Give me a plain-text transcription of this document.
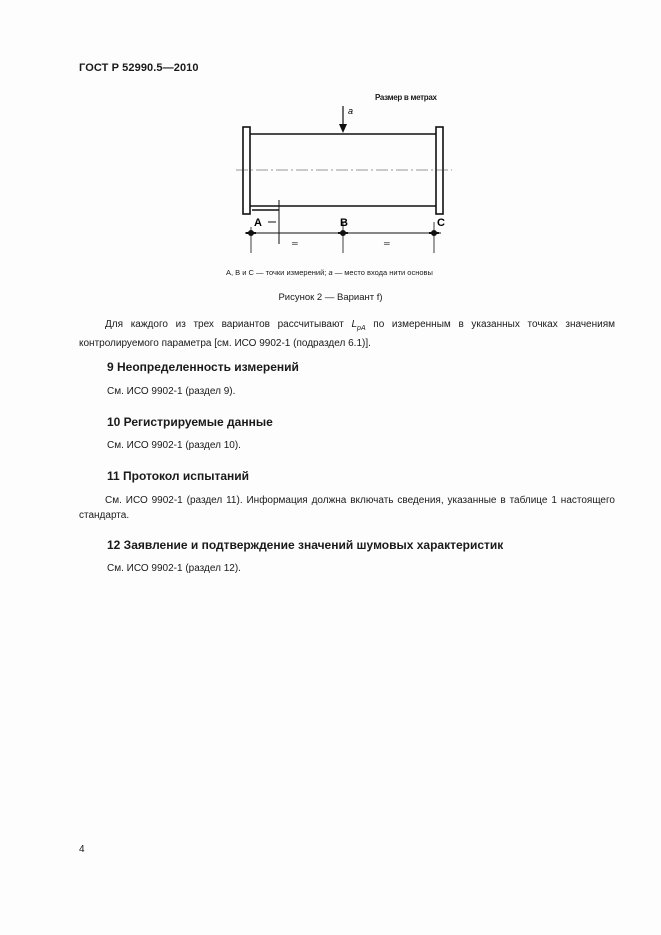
ГОСТ Р 52990.5—2010
Размер в метрах
a
A	B	C
═	═
A, B и C — точки измерений; a — место входа нити основы
Рисунок 2 — Вариант f)
Для каждого из трех вариантов рассчитывают $L_{pA}$ по измеренным в указанных точках значениям контролируемого параметра [см. ИСО 9902-1 (подраздел 6.1)].
9 Неопределенность измерений
См. ИСО 9902-1 (раздел 9).
10 Регистрируемые данные
См. ИСО 9902-1 (раздел 10).
11 Протокол испытаний
См. ИСО 9902-1 (раздел 11). Информация должна включать сведения, указанные в таблице 1 настоящего стандарта.
12 Заявление и подтверждение значений шумовых характеристик
См. ИСО 9902-1 (раздел 12).
4
